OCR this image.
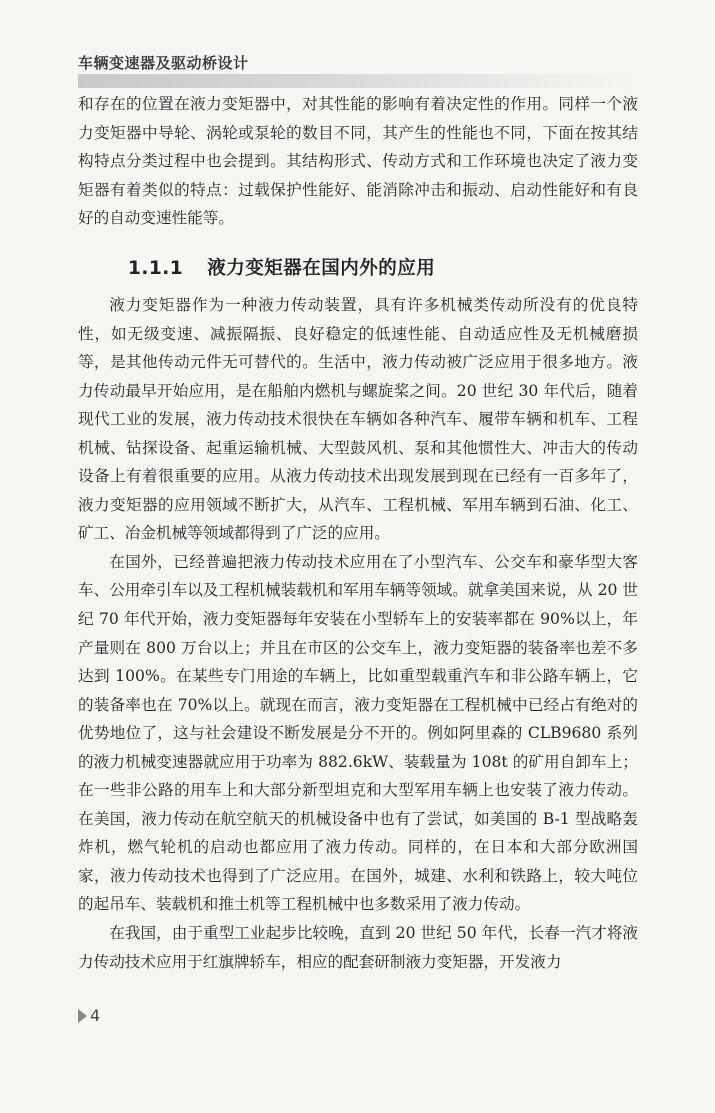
车辆变速器及驱动桥设计

和存在的位置在液力变矩器中，对其性能的影响有着决定性的作用。同样一个液力变矩器中导轮、涡轮或泵轮的数目不同，其产生的性能也不同，下面在按其结构特点分类过程中也会提到。其结构形式、传动方式和工作环境也决定了液力变矩器有着类似的特点：过载保护性能好、能消除冲击和振动、启动性能好和有良好的自动变速性能等。

1.1.1 液力变矩器在国内外的应用

液力变矩器作为一种液力传动装置，具有许多机械类传动所没有的优良特性，如无级变速、减振隔振、良好稳定的低速性能、自动适应性及无机械磨损等，是其他传动元件无可替代的。生活中，液力传动被广泛应用于很多地方。液力传动最早开始应用，是在船舶内燃机与螺旋桨之间。20 世纪 30 年代后，随着现代工业的发展，液力传动技术很快在车辆如各种汽车、履带车辆和机车、工程机械、钻探设备、起重运输机械、大型鼓风机、泵和其他惯性大、冲击大的传动设备上有着很重要的应用。从液力传动技术出现发展到现在已经有一百多年了，液力变矩器的应用领域不断扩大，从汽车、工程机械、军用车辆到石油、化工、矿工、冶金机械等领域都得到了广泛的应用。

在国外，已经普遍把液力传动技术应用在了小型汽车、公交车和豪华型大客车、公用牵引车以及工程机械装载机和军用车辆等领域。就拿美国来说，从 20 世纪 70 年代开始，液力变矩器每年安装在小型轿车上的安装率都在 90%以上，年产量则在 800 万台以上；并且在市区的公交车上，液力变矩器的装备率也差不多达到 100%。在某些专门用途的车辆上，比如重型载重汽车和非公路车辆上，它的装备率也在 70%以上。就现在而言，液力变矩器在工程机械中已经占有绝对的优势地位了，这与社会建设不断发展是分不开的。例如阿里森的 CLB9680 系列的液力机械变速器就应用于功率为 882.6kW、装载量为 108t 的矿用自卸车上；在一些非公路的用车上和大部分新型坦克和大型军用车辆上也安装了液力传动。在美国，液力传动在航空航天的机械设备中也有了尝试，如美国的 B-1 型战略轰炸机，燃气轮机的启动也都应用了液力传动。同样的，在日本和大部分欧洲国家，液力传动技术也得到了广泛应用。在国外，城建、水利和铁路上，较大吨位的起吊车、装载机和推土机等工程机械中也多数采用了液力传动。

在我国，由于重型工业起步比较晚，直到 20 世纪 50 年代，长春一汽才将液力传动技术应用于红旗牌轿车，相应的配套研制液力变矩器，开发液力

4
